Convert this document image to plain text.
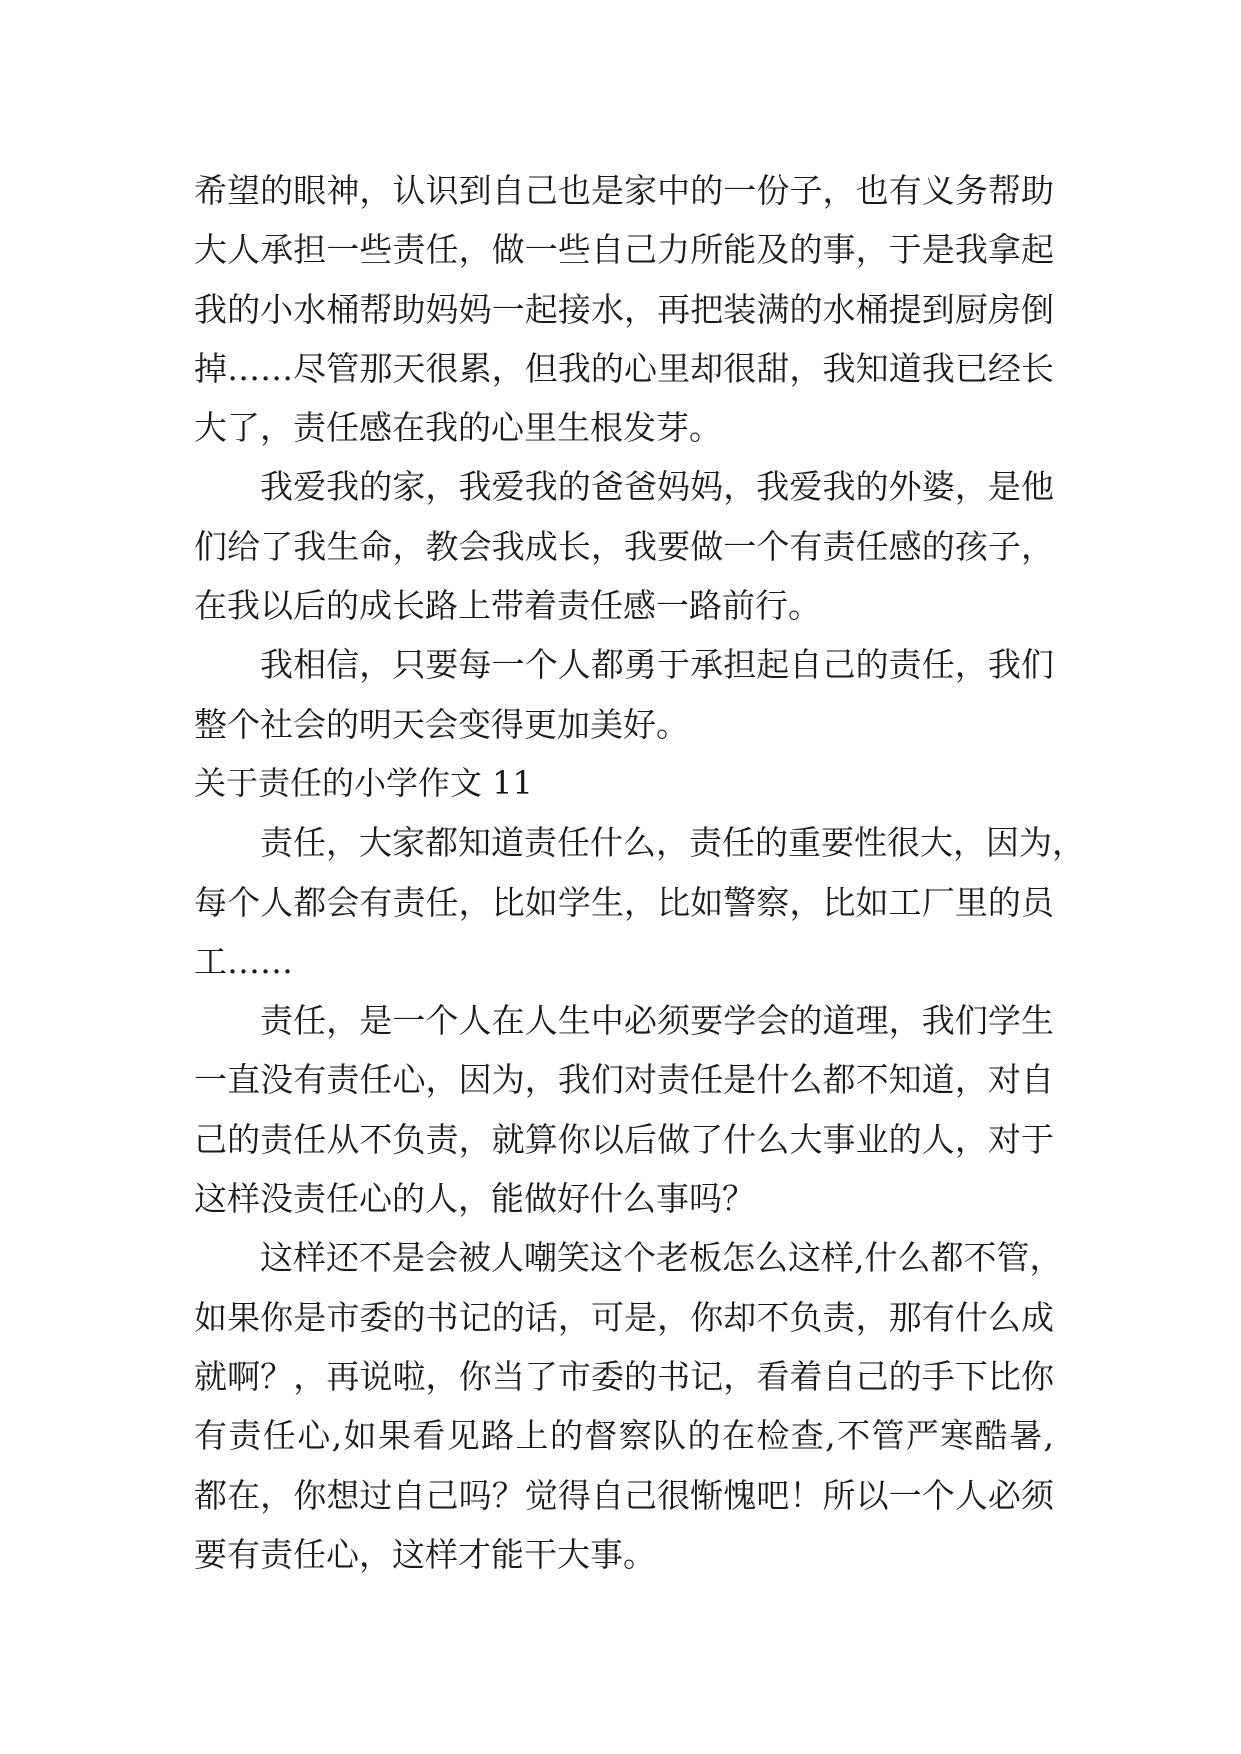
希望的眼神，认识到自己也是家中的一份子，也有义务帮助
大人承担一些责任，做一些自己力所能及的事，于是我拿起
我的小水桶帮助妈妈一起接水，再把装满的水桶提到厨房倒
掉……尽管那天很累，但我的心里却很甜，我知道我已经长
大了，责任感在我的心里生根发芽。
我爱我的家，我爱我的爸爸妈妈，我爱我的外婆，是他
们给了我生命，教会我成长，我要做一个有责任感的孩子，
在我以后的成长路上带着责任感一路前行。
我相信，只要每一个人都勇于承担起自己的责任，我们
整个社会的明天会变得更加美好。
关于责任的小学作文 11
责任，大家都知道责任什么，责任的重要性很大，因为，
每个人都会有责任，比如学生，比如警察，比如工厂里的员
工……
责任，是一个人在人生中必须要学会的道理，我们学生
一直没有责任心，因为，我们对责任是什么都不知道，对自
己的责任从不负责，就算你以后做了什么大事业的人，对于
这样没责任心的人，能做好什么事吗？
这样还不是会被人嘲笑这个老板怎么这样,什么都不管，
如果你是市委的书记的话，可是，你却不负责，那有什么成
就啊？，再说啦，你当了市委的书记，看着自己的手下比你
有责任心,如果看见路上的督察队的在检查,不管严寒酷暑,
都在，你想过自己吗？觉得自己很惭愧吧！所以一个人必须
要有责任心，这样才能干大事。
